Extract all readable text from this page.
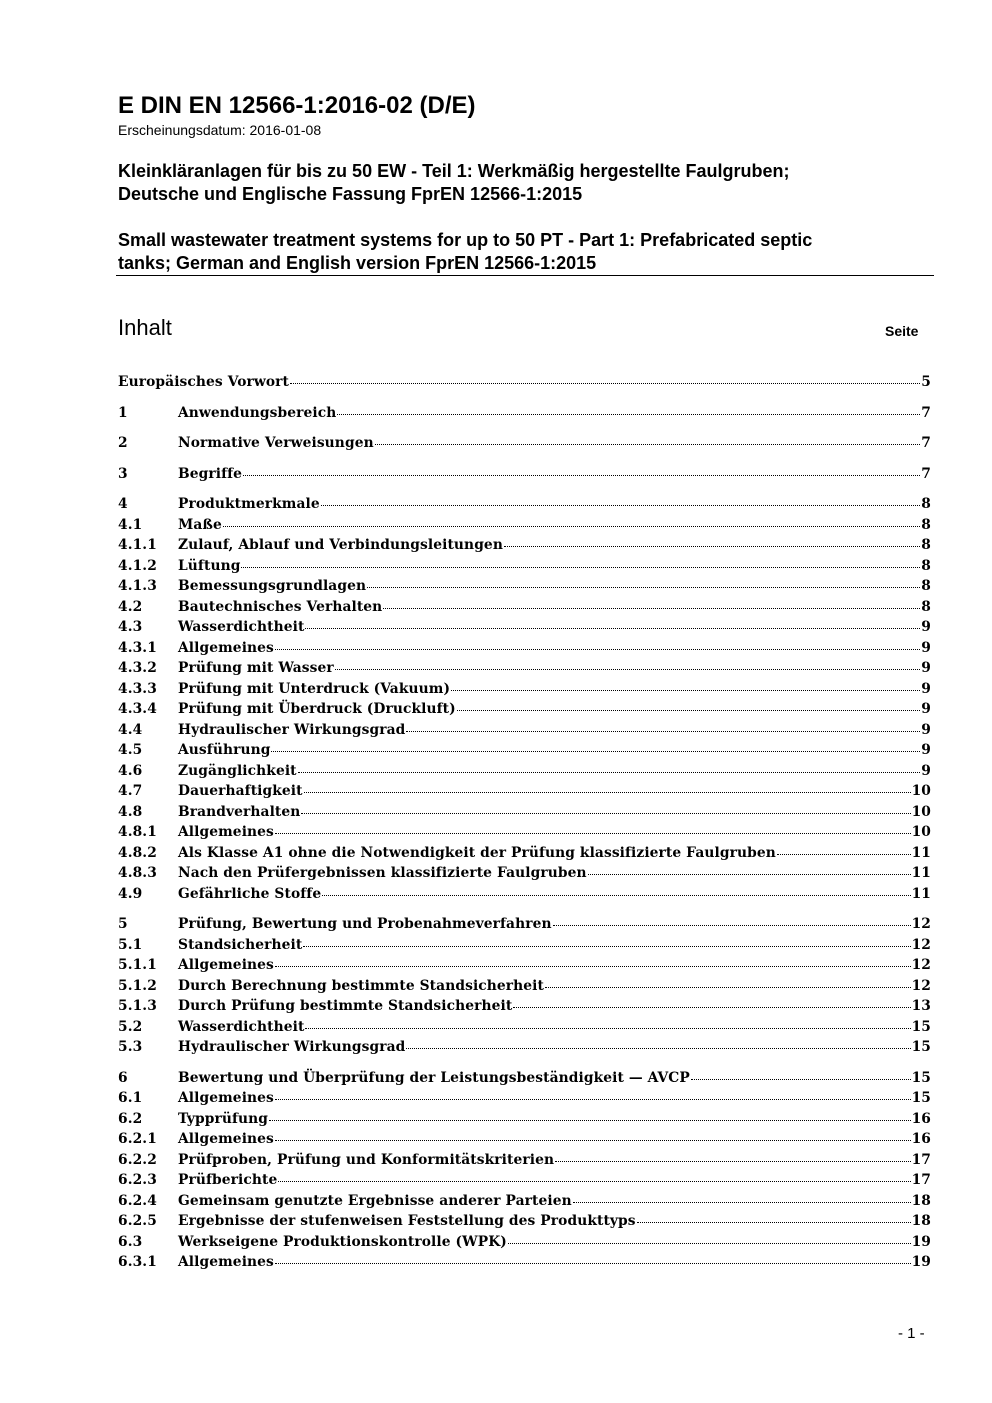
E DIN EN 12566-1:2016-02 (D/E)
Erscheinungsdatum: 2016-01-08
Kleinkläranlagen für bis zu 50 EW - Teil 1: Werkmäßig hergestellte Faulgruben;
Deutsche und Englische Fassung FprEN 12566-1:2015
Small wastewater treatment systems for up to 50 PT - Part 1: Prefabricated septic
tanks; German and English version FprEN 12566-1:2015
Inhalt	Seite
Europäisches Vorwort	5
1	Anwendungsbereich	7
2	Normative Verweisungen	7
3	Begriffe	7
4	Produktmerkmale	8
4.1	Maße	8
4.1.1	Zulauf, Ablauf und Verbindungsleitungen	8
4.1.2	Lüftung	8
4.1.3	Bemessungsgrundlagen	8
4.2	Bautechnisches Verhalten	8
4.3	Wasserdichtheit	9
4.3.1	Allgemeines	9
4.3.2	Prüfung mit Wasser	9
4.3.3	Prüfung mit Unterdruck (Vakuum)	9
4.3.4	Prüfung mit Überdruck (Druckluft)	9
4.4	Hydraulischer Wirkungsgrad	9
4.5	Ausführung	9
4.6	Zugänglichkeit	9
4.7	Dauerhaftigkeit	10
4.8	Brandverhalten	10
4.8.1	Allgemeines	10
4.8.2	Als Klasse A1 ohne die Notwendigkeit der Prüfung klassifizierte Faulgruben	11
4.8.3	Nach den Prüfergebnissen klassifizierte Faulgruben	11
4.9	Gefährliche Stoffe	11
5	Prüfung, Bewertung und Probenahmeverfahren	12
5.1	Standsicherheit	12
5.1.1	Allgemeines	12
5.1.2	Durch Berechnung bestimmte Standsicherheit	12
5.1.3	Durch Prüfung bestimmte Standsicherheit	13
5.2	Wasserdichtheit	15
5.3	Hydraulischer Wirkungsgrad	15
6	Bewertung und Überprüfung der Leistungsbeständigkeit — AVCP	15
6.1	Allgemeines	15
6.2	Typprüfung	16
6.2.1	Allgemeines	16
6.2.2	Prüfproben, Prüfung und Konformitätskriterien	17
6.2.3	Prüfberichte	17
6.2.4	Gemeinsam genutzte Ergebnisse anderer Parteien	18
6.2.5	Ergebnisse der stufenweisen Feststellung des Produkttyps	18
6.3	Werkseigene Produktionskontrolle (WPK)	19
6.3.1	Allgemeines	19
- 1 -
